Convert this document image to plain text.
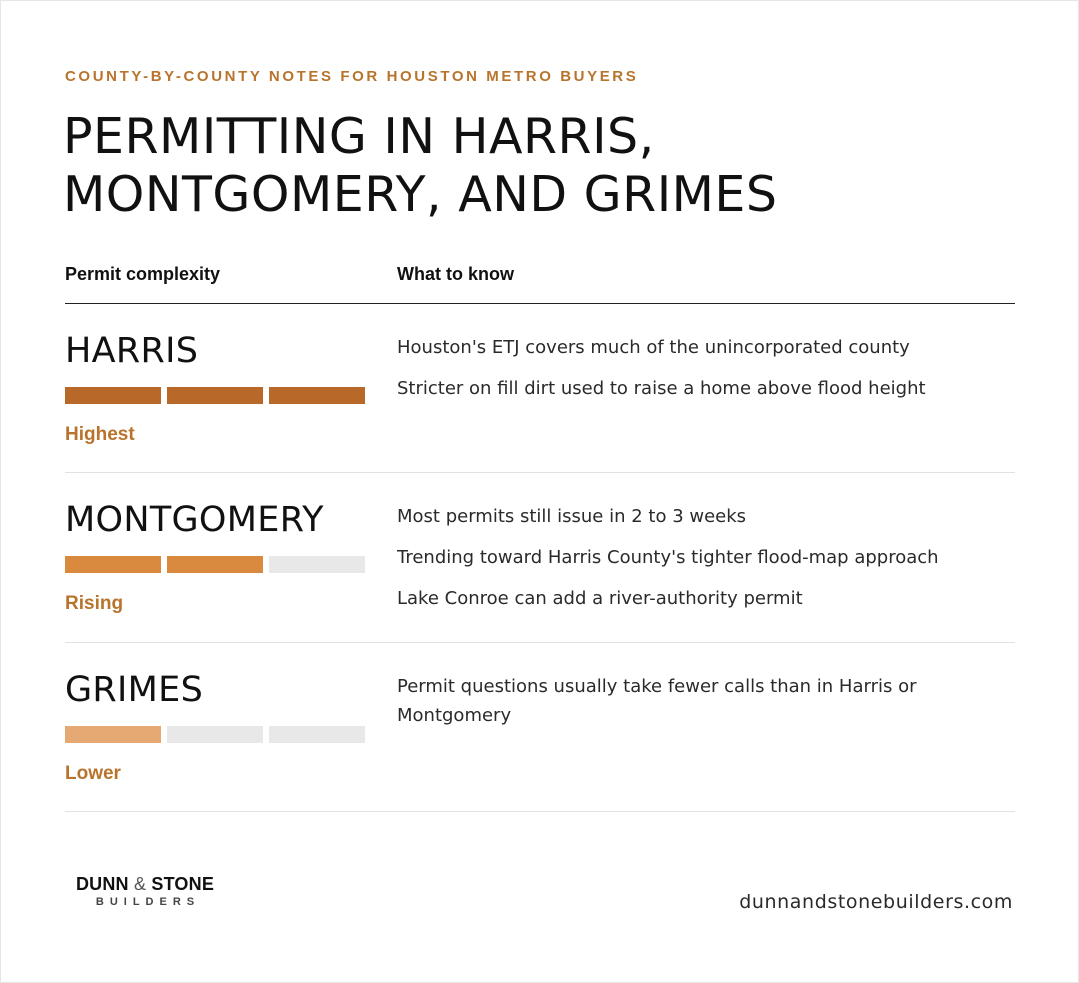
COUNTY-BY-COUNTY NOTES FOR HOUSTON METRO BUYERS
PERMITTING IN HARRIS, MONTGOMERY, AND GRIMES
Permit complexity	What to know
HARRIS
Highest
Houston's ETJ covers much of the unincorporated county
Stricter on fill dirt used to raise a home above flood height
MONTGOMERY
Rising
Most permits still issue in 2 to 3 weeks
Trending toward Harris County's tighter flood-map approach
Lake Conroe can add a river-authority permit
GRIMES
Lower
Permit questions usually take fewer calls than in Harris or Montgomery
DUNN & STONE
BUILDERS	dunnandstonebuilders.com
